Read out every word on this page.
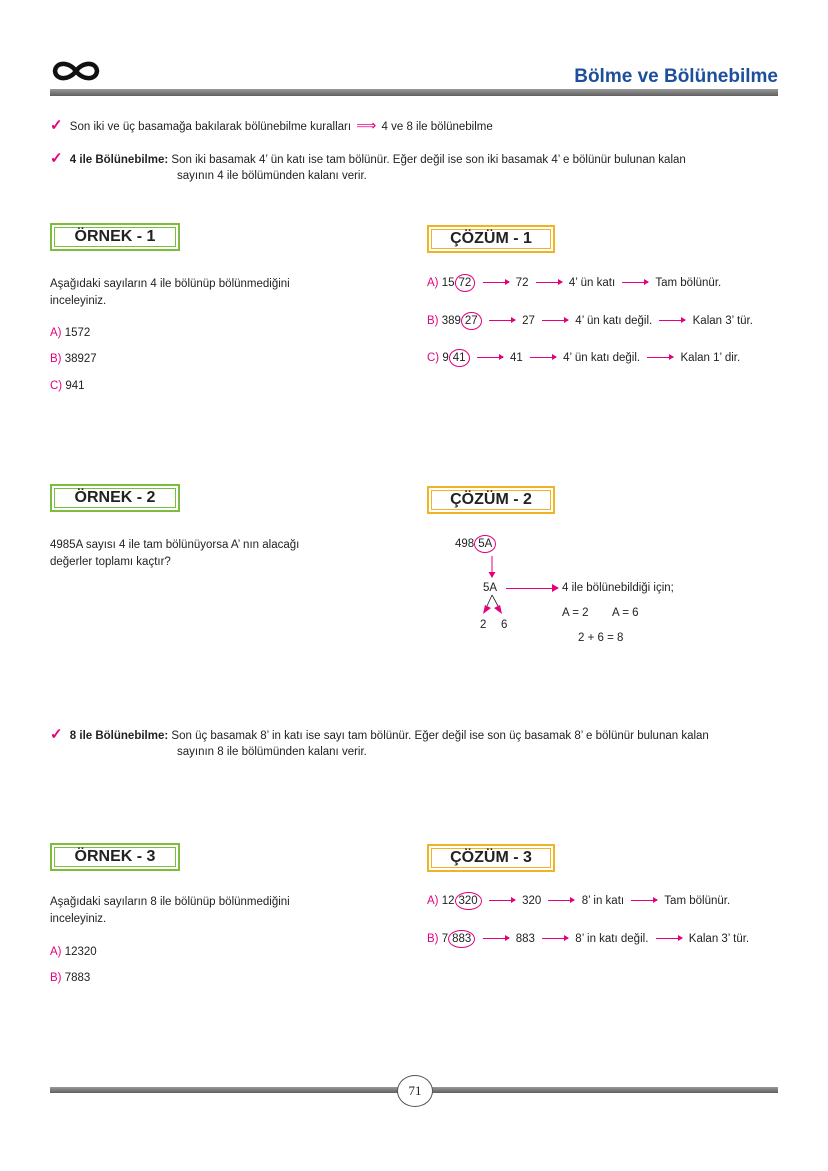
Bölme ve Bölünebilme
✓ Son iki ve üç basamağa bakılarak bölünebilme kuralları ⟹ 4 ve 8 ile bölünebilme
✓ 4 ile Bölünebilme: Son iki basamak 4’ ün katı ise tam bölünür. Eğer değil ise son iki basamak 4’ e bölünür bulunan kalan
sayının 4 ile bölümünden kalanı verir.
ÖRNEK - 1
Aşağıdaki sayıların 4 ile bölünüp bölünmediğini
inceleyiniz.
A) 1572
B) 38927
C) 941
ÇÖZÜM - 1
A) 15 72	72	4’ ün katı	Tam bölünür.
B) 389 27	27	4’ ün katı değil.	Kalan 3’ tür.
C) 9 41	41	4’ ün katı değil.	Kalan 1’ dir.
ÖRNEK - 2
4985A sayısı 4 ile tam bölünüyorsa A’ nın alacağı
değerler toplamı kaçtır?
ÇÖZÜM - 2
498 5A
5A	4 ile bölünebildiği için;
2 6
A = 2 A = 6
2 + 6 = 8
✓ 8 ile Bölünebilme: Son üç basamak 8’ in katı ise sayı tam bölünür. Eğer değil ise son üç basamak 8’ e bölünür bulunan kalan
sayının 8 ile bölümünden kalanı verir.
ÖRNEK - 3
Aşağıdaki sayıların 8 ile bölünüp bölünmediğini
inceleyiniz.
A) 12320
B) 7883
ÇÖZÜM - 3
A) 12 320	320	8’ in katı	Tam bölünür.
B) 7 883	883	8’ in katı değil.	Kalan 3’ tür.
71
